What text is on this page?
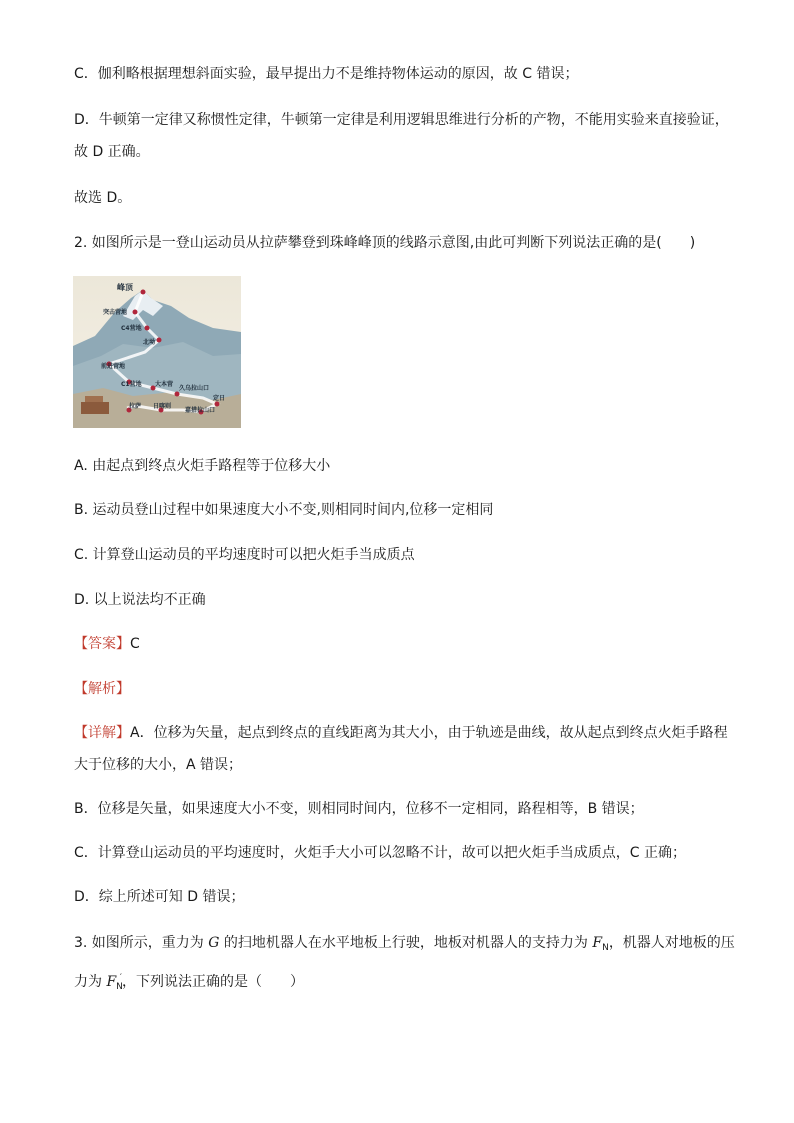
C．伽利略根据理想斜面实验，最早提出力不是维持物体运动的原因，故 C 错误；
D．牛顿第一定律又称惯性定律，牛顿第一定律是利用逻辑思维进行分析的产物，不能用实验来直接验证，
故 D 正确。
故选 D。
2. 如图所示是一登山运动员从拉萨攀登到珠峰峰顶的线路示意图,由此可判断下列说法正确的是(　　)
峰顶
突击营地
C4营地
北坳
前进营地
C1营地 大本营
久乌拉山口
定日
拉萨 日喀则
嘉措拉山口
A. 由起点到终点火炬手路程等于位移大小
B. 运动员登山过程中如果速度大小不变,则相同时间内,位移一定相同
C. 计算登山运动员的平均速度时可以把火炬手当成质点
D. 以上说法均不正确
【答案】C
【解析】
【详解】A．位移为矢量，起点到终点的直线距离为其大小，由于轨迹是曲线，故从起点到终点火炬手路程
大于位移的大小，A 错误；
B．位移是矢量，如果速度大小不变，则相同时间内，位移不一定相同，路程相等，B 错误；
C．计算登山运动员的平均速度时，火炬手大小可以忽略不计，故可以把火炬手当成质点，C 正确；
D．综上所述可知 D 错误；
3. 如图所示，重力为 G 的扫地机器人在水平地板上行驶，地板对机器人的支持力为 $F_N$，机器人对地板的压
力为 $F_N'$，下列说法正确的是（　　）
